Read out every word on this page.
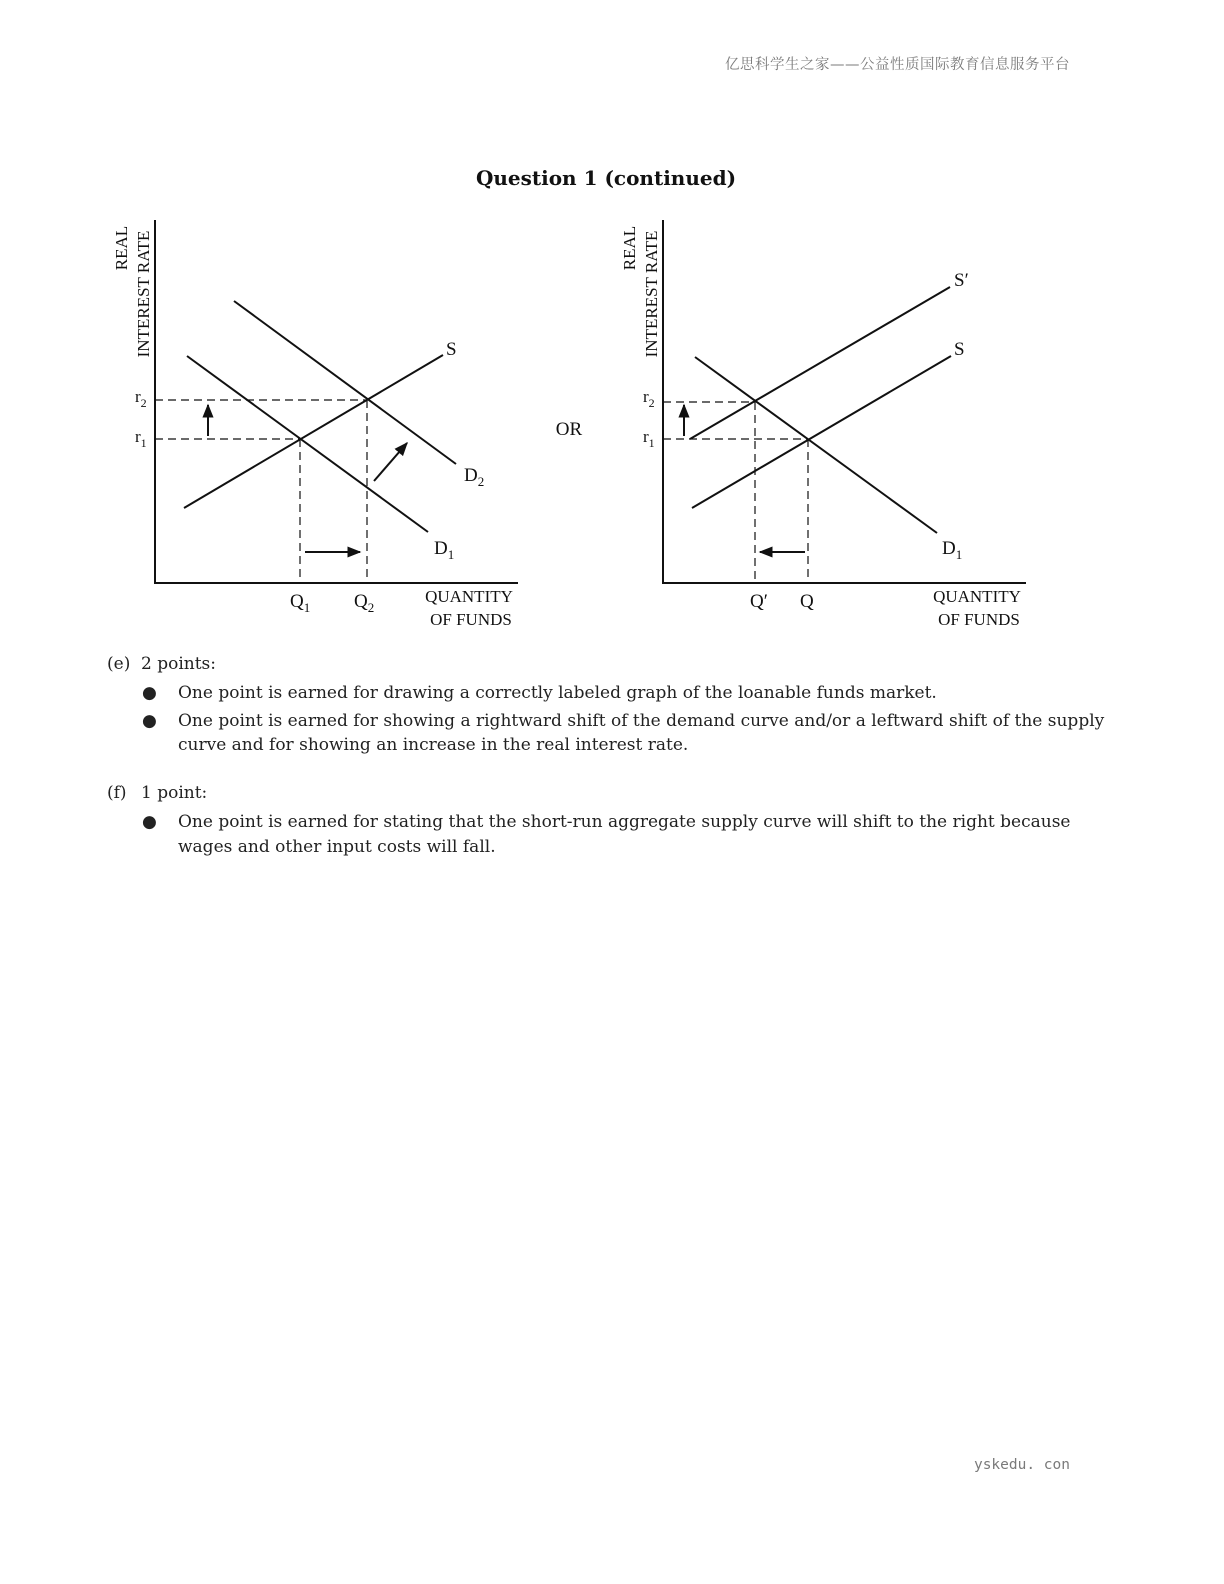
亿思科学生之家——公益性质国际教育信息服务平台
Question 1 (continued)
REAL INTEREST RATE
$r_2$
$r_1$
S
$D_2$
$D_1$
$Q_1$ $Q_2$
QUANTITY
OF FUNDS
OR
REAL INTEREST RATE
$r_2$
$r_1$
S′
S
$D_1$
Q′ Q	QUANTITY
OF FUNDS
(e) 2 points:
● One point is earned for drawing a correctly labeled graph of the loanable funds market.
● One point is earned for showing a rightward shift of the demand curve and/or a leftward shift of the supply curve and for showing an increase in the real interest rate.
(f) 1 point:
● One point is earned for stating that the short-run aggregate supply curve will shift to the right because wages and other input costs will fall.
yskedu. con
